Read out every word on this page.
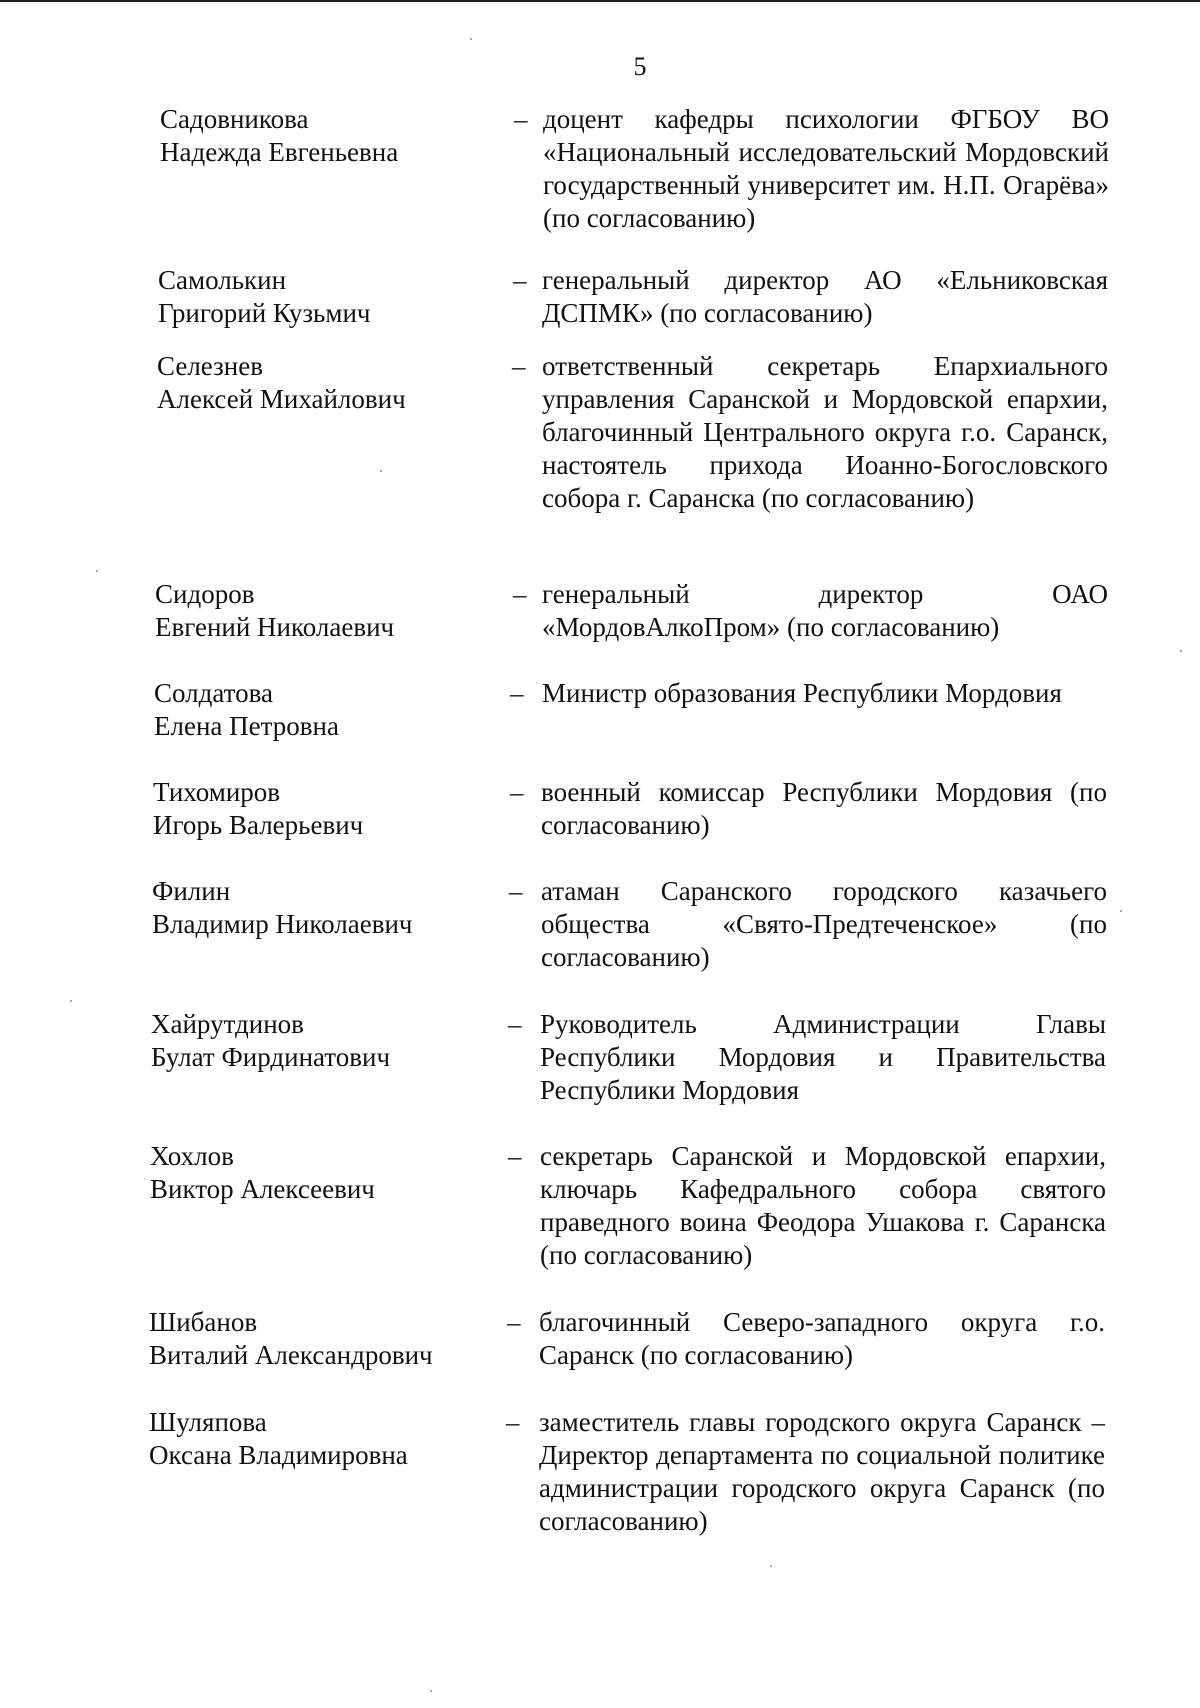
5
Садовникова
Надежда Евгеньевна
– доцент кафедры психологии ФГБОУ ВО «Национальный исследовательский Мордовский государственный университет им. Н.П. Огарёва» (по согласованию)
Самолькин
Григорий Кузьмич
– генеральный директор АО «Ельниковская ДСПМК» (по согласованию)
Селезнев
Алексей Михайлович
– ответственный секретарь Епархиального управления Саранской и Мордовской епархии, благочинный Центрального округа г.о. Саранск, настоятель прихода Иоанно-Богословского собора г. Саранска (по согласованию)
Сидоров
Евгений Николаевич
– генеральный директор ОАО «МордовАлкоПром» (по согласованию)
Солдатова
Елена Петровна
– Министр образования Республики Мордовия
Тихомиров
Игорь Валерьевич
– военный комиссар Республики Мордовия (по согласованию)
Филин
Владимир Николаевич
– атаман Саранского городского казачьего общества «Свято-Предтеченское» (по согласованию)
Хайрутдинов
Булат Фирдинатович
– Руководитель Администрации Главы Республики Мордовия и Правительства Республики Мордовия
Хохлов
Виктор Алексеевич
– секретарь Саранской и Мордовской епархии, ключарь Кафедрального собора святого праведного воина Феодора Ушакова г. Саранска (по согласованию)
Шибанов
Виталий Александрович
– благочинный Северо-западного округа г.о. Саранск (по согласованию)
Шуляпова
Оксана Владимировна
– заместитель главы городского округа Саранск – Директор департамента по социальной политике администрации городского округа Саранск (по согласованию)
